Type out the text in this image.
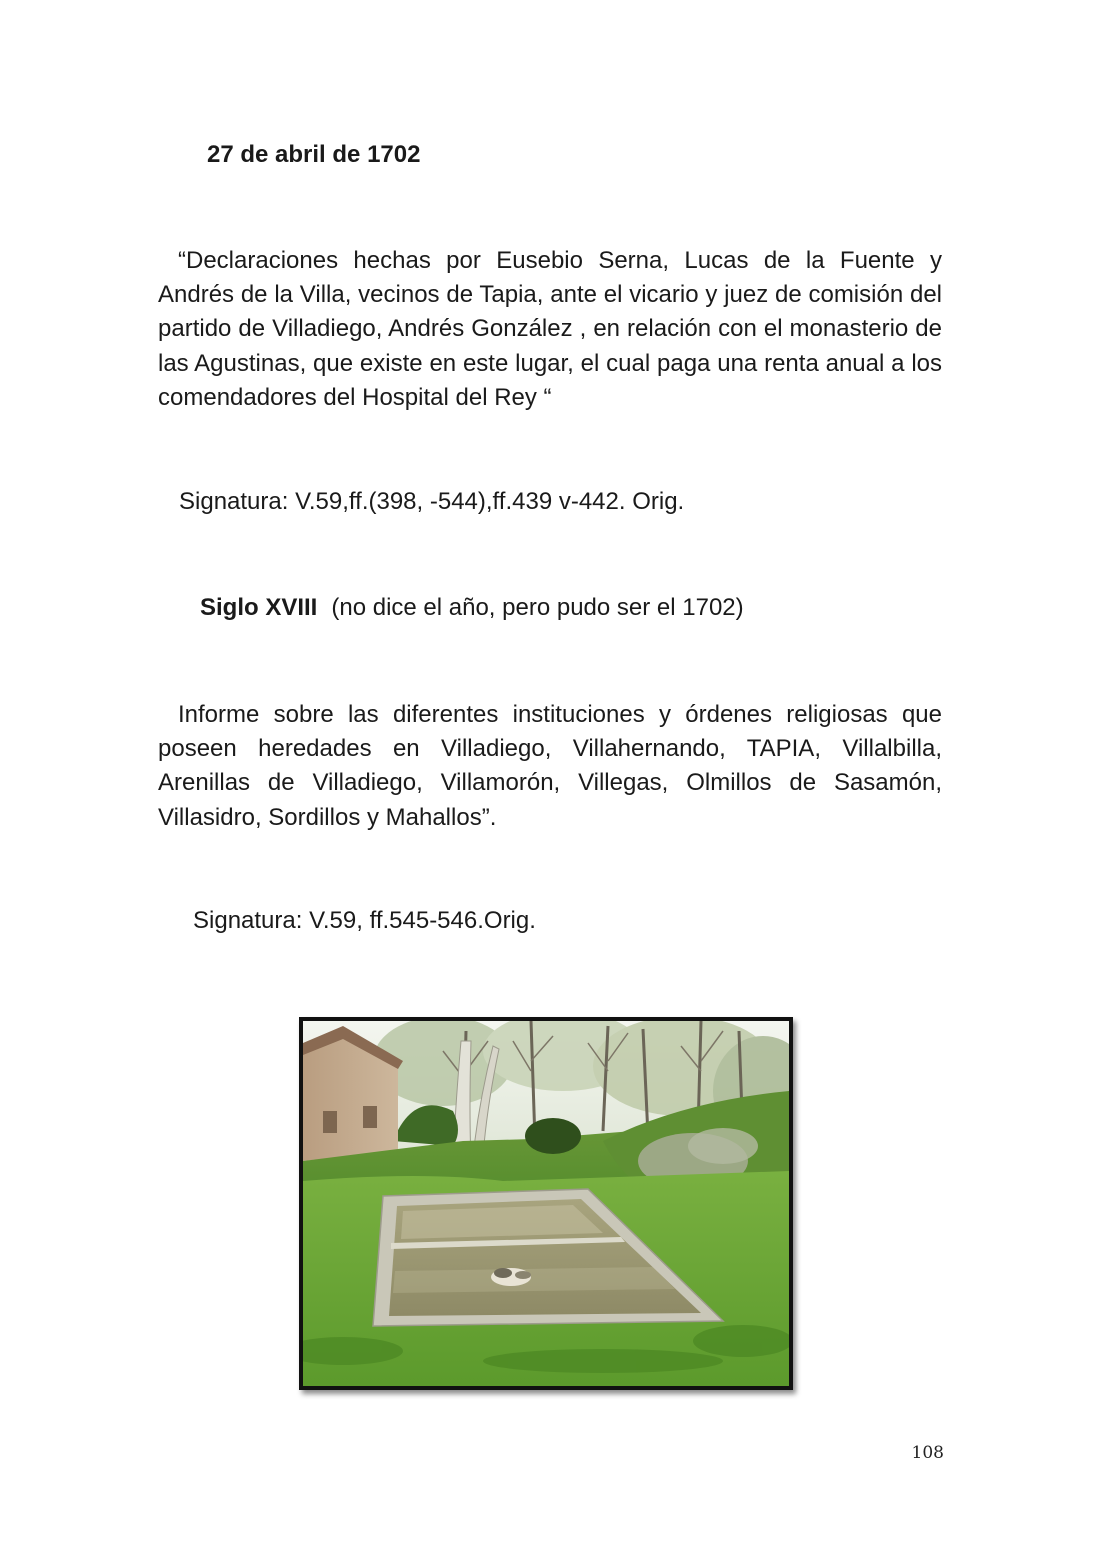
27 de abril de 1702
“Declaraciones hechas por Eusebio Serna, Lucas de la Fuente y Andrés de la Villa, vecinos de Tapia, ante el vicario y juez de comisión del partido de Villadiego, Andrés González , en relación con el monasterio de las Agustinas, que existe en este lugar, el cual paga una renta anual a los comendadores del Hospital del Rey “
Signatura: V.59,ff.(398, -544),ff.439 v-442. Orig.
Siglo XVIII (no dice el año, pero pudo ser el 1702)
Informe sobre las diferentes instituciones y órdenes religiosas que poseen heredades en Villadiego, Villahernando, TAPIA, Villalbilla, Arenillas de Villadiego, Villamorón, Villegas, Olmillos de Sasamón, Villasidro, Sordillos y Mahallos”.
Signatura: V.59, ff.545-546.Orig.
108
